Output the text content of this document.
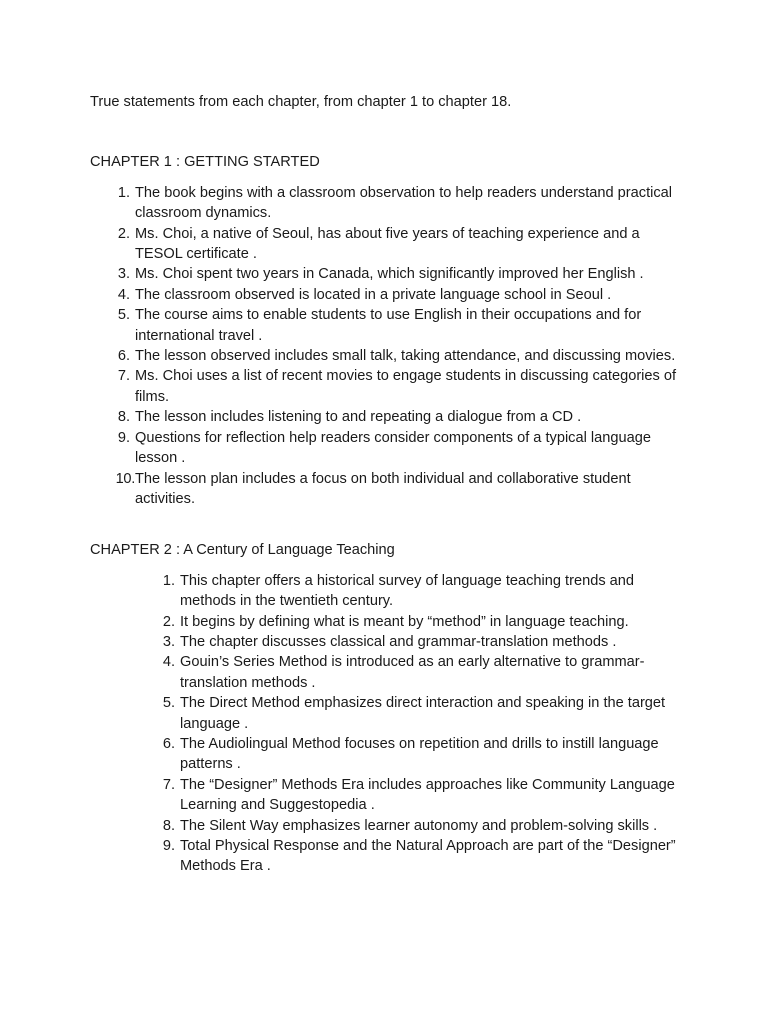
True statements from each chapter, from chapter 1 to chapter 18.

CHAPTER 1 : GETTING STARTED

1. The book begins with a classroom observation to help readers understand practical classroom dynamics.
2. Ms. Choi, a native of Seoul, has about five years of teaching experience and a TESOL certificate .
3. Ms. Choi spent two years in Canada, which significantly improved her English .
4. The classroom observed is located in a private language school in Seoul .
5. The course aims to enable students to use English in their occupations and for international travel .
6. The lesson observed includes small talk, taking attendance, and discussing movies.
7. Ms. Choi uses a list of recent movies to engage students in discussing categories of films.
8. The lesson includes listening to and repeating a dialogue from a CD .
9. Questions for reflection help readers consider components of a typical language lesson .
10. The lesson plan includes a focus on both individual and collaborative student activities.

CHAPTER 2 : A Century of Language Teaching

1. This chapter offers a historical survey of language teaching trends and methods in the twentieth century.
2. It begins by defining what is meant by “method” in language teaching.
3. The chapter discusses classical and grammar-translation methods .
4. Gouin’s Series Method is introduced as an early alternative to grammar-translation methods .
5. The Direct Method emphasizes direct interaction and speaking in the target language .
6. The Audiolingual Method focuses on repetition and drills to instill language patterns .
7. The “Designer” Methods Era includes approaches like Community Language Learning and Suggestopedia .
8. The Silent Way emphasizes learner autonomy and problem-solving skills .
9. Total Physical Response and the Natural Approach are part of the “Designer” Methods Era .
